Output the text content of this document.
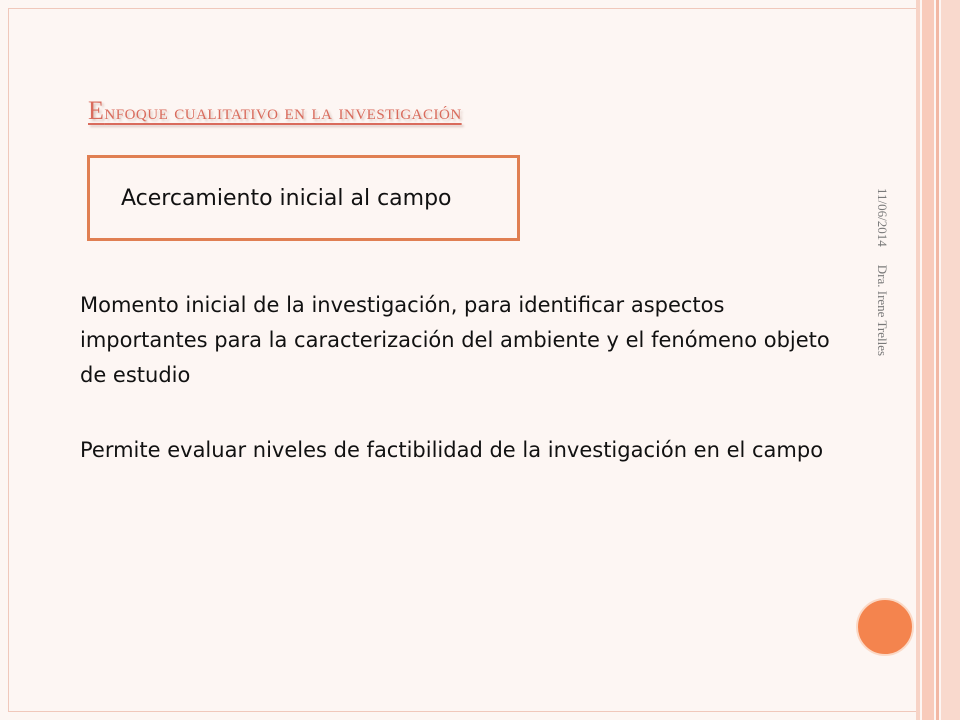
Enfoque cualitativo en la investigación
Acercamiento inicial al campo
Momento inicial de la investigación, para identificar aspectos importantes para la caracterización del ambiente y el fenómeno objeto de estudio
Permite evaluar niveles de factibilidad de la investigación en el campo
11/06/2014Dra. Irene Trelles
